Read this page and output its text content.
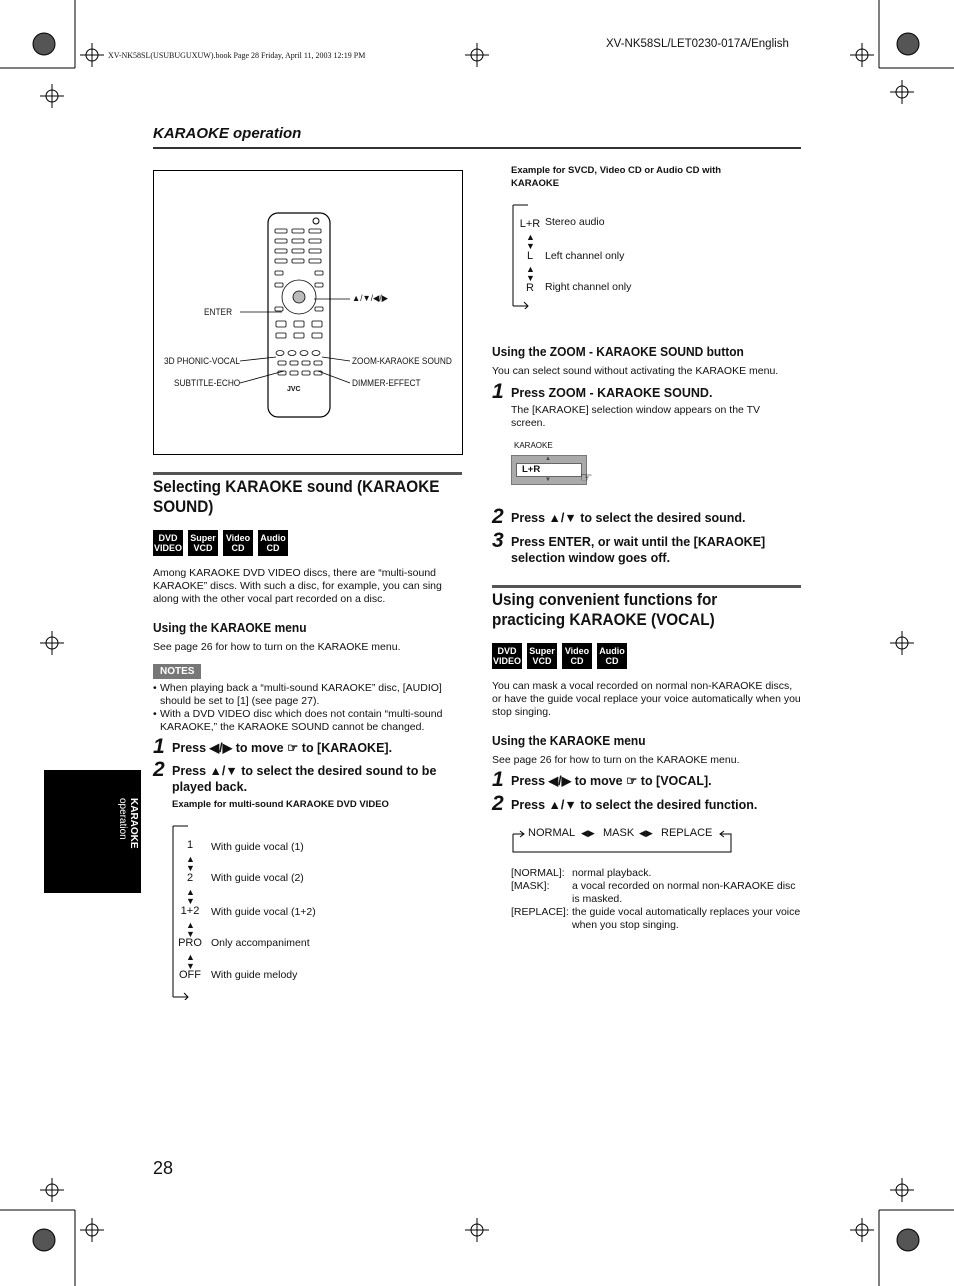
XV-NK58SL(USUBUGUXUW).book Page 28 Friday, April 11, 2003 12:19 PM
XV-NK58SL/LET0230-017A/English
KARAOKE operation
KARAOKE operation
JVC
ENTER
▲/▼/◀/▶
3D PHONIC-VOCAL	ZOOM-KARAOKE SOUND
SUBTITLE-ECHO	DIMMER-EFFECT
Selecting KARAOKE sound (KARAOKE SOUND)
DVD VIDEO
Super VCD
Video CD
Audio CD
Among KARAOKE DVD VIDEO discs, there are “multi-sound KARAOKE” discs. With such a disc, for example, you can sing along with the other vocal part recorded on a disc.
Using the KARAOKE menu
See page 26 for how to turn on the KARAOKE menu.
NOTES
• When playing back a “multi-sound KARAOKE” disc, [AUDIO] should be set to [1] (see page 27).
• With a DVD VIDEO disc which does not contain “multi-sound KARAOKE,” the KARAOKE SOUND cannot be changed.
1 Press ◀/▶ to move ☞ to [KARAOKE].
2 Press ▲/▼ to select the desired sound to be played back.
Example for multi-sound KARAOKE DVD VIDEO
1
▲
▼
2
▲
▼
1+2
▲
▼
PRO
▲
▼
OFF
With guide vocal (1)
With guide vocal (2)
With guide vocal (1+2)
Only accompaniment
With guide melody
Example for SVCD, Video CD or Audio CD with KARAOKE
L+R
▲
▼
L
▲
▼
R
Stereo audio
Left channel only
Right channel only
Using the ZOOM - KARAOKE SOUND button
You can select sound without activating the KARAOKE menu.
1 Press ZOOM - KARAOKE SOUND.
The [KARAOKE] selection window appears on the TV screen.
KARAOKE
▲
L+R
▼ ☞
2 Press ▲/▼ to select the desired sound.
3 Press ENTER, or wait until the [KARAOKE] selection window goes off.
Using convenient functions for practicing KARAOKE (VOCAL)
DVD VIDEO
Super VCD
Video CD
Audio CD
You can mask a vocal recorded on normal non-KARAOKE discs, or have the guide vocal replace your voice automatically when you stop singing.
Using the KARAOKE menu
See page 26 for how to turn on the KARAOKE menu.
1 Press ◀/▶ to move ☞ to [VOCAL].
2 Press ▲/▼ to select the desired function.
NORMAL ◀▶ MASK ◀▶ REPLACE
[NORMAL]: normal playback.
[MASK]: a vocal recorded on normal non-KARAOKE disc is masked.
[REPLACE]: the guide vocal automatically replaces your voice when you stop singing.
28
